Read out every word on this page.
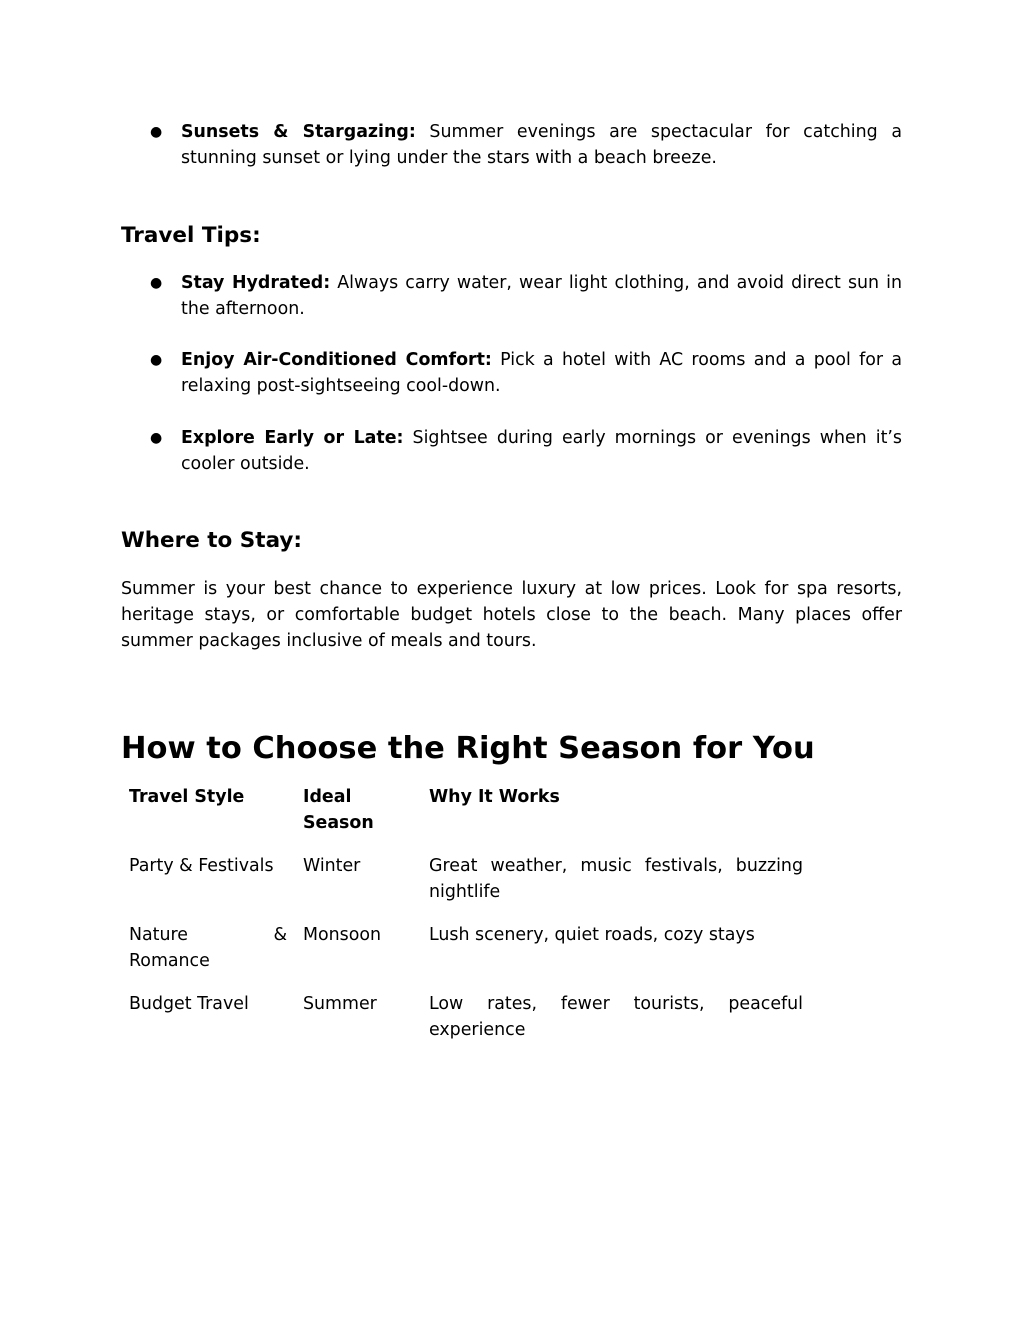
●	Sunsets & Stargazing: Summer evenings are spectacular for catching a stunning sunset or lying under the stars with a beach breeze.
Travel Tips:
●	Stay Hydrated: Always carry water, wear light clothing, and avoid direct sun in the afternoon.
●	Enjoy Air-Conditioned Comfort: Pick a hotel with AC rooms and a pool for a relaxing post-sightseeing cool-down.
●	Explore Early or Late: Sightsee during early mornings or evenings when it’s cooler outside.
Where to Stay:

Summer is your best chance to experience luxury at low prices. Look for spa resorts, heritage stays, or comfortable budget hotels close to the beach. Many places offer summer packages inclusive of meals and tours.

How to Choose the Right Season for You
Travel Style	Ideal Season	Why It Works
Party & Festivals	Winter	Great weather, music festivals, buzzing nightlife
Nature & Romance	Monsoon	Lush scenery, quiet roads, cozy stays
Budget Travel	Summer	Low rates, fewer tourists, peaceful experience
